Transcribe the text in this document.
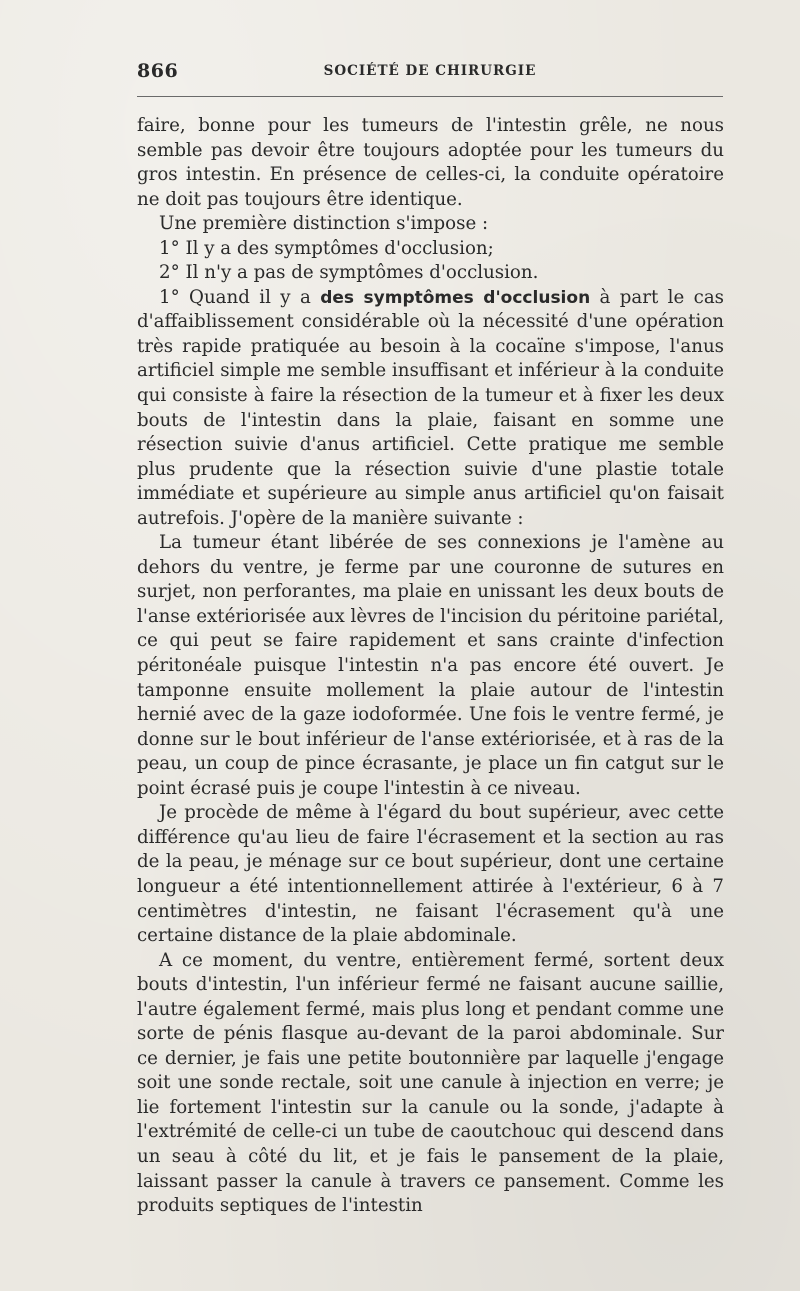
866	SOCIÉTÉ DE CHIRURGIE

faire, bonne pour les tumeurs de l'intestin grêle, ne nous semble pas devoir être toujours adoptée pour les tumeurs du gros intestin. En présence de celles-ci, la conduite opératoire ne doit pas toujours être identique.

Une première distinction s'impose :

1° Il y a des symptômes d'occlusion;

2° Il n'y a pas de symptômes d'occlusion.

1° Quand il y a des symptômes d'occlusion à part le cas d'affaiblissement considérable où la nécessité d'une opération très rapide pratiquée au besoin à la cocaïne s'impose, l'anus artificiel simple me semble insuffisant et inférieur à la conduite qui consiste à faire la résection de la tumeur et à fixer les deux bouts de l'intestin dans la plaie, faisant en somme une résection suivie d'anus artificiel. Cette pratique me semble plus prudente que la résection suivie d'une plastie totale immédiate et supérieure au simple anus artificiel qu'on faisait autrefois. J'opère de la manière suivante :

La tumeur étant libérée de ses connexions je l'amène au dehors du ventre, je ferme par une couronne de sutures en surjet, non perforantes, ma plaie en unissant les deux bouts de l'anse extériorisée aux lèvres de l'incision du péritoine pariétal, ce qui peut se faire rapidement et sans crainte d'infection péritonéale puisque l'intestin n'a pas encore été ouvert. Je tamponne ensuite mollement la plaie autour de l'intestin hernié avec de la gaze iodoformée. Une fois le ventre fermé, je donne sur le bout inférieur de l'anse extériorisée, et à ras de la peau, un coup de pince écrasante, je place un fin catgut sur le point écrasé puis je coupe l'intestin à ce niveau.

Je procède de même à l'égard du bout supérieur, avec cette différence qu'au lieu de faire l'écrasement et la section au ras de la peau, je ménage sur ce bout supérieur, dont une certaine longueur a été intentionnellement attirée à l'extérieur, 6 à 7 centimètres d'intestin, ne faisant l'écrasement qu'à une certaine distance de la plaie abdominale.

A ce moment, du ventre, entièrement fermé, sortent deux bouts d'intestin, l'un inférieur fermé ne faisant aucune saillie, l'autre également fermé, mais plus long et pendant comme une sorte de pénis flasque au-devant de la paroi abdominale. Sur ce dernier, je fais une petite boutonnière par laquelle j'engage soit une sonde rectale, soit une canule à injection en verre; je lie fortement l'intestin sur la canule ou la sonde, j'adapte à l'extrémité de celle-ci un tube de caoutchouc qui descend dans un seau à côté du lit, et je fais le pansement de la plaie, laissant passer la canule à travers ce pansement. Comme les produits septiques de l'intestin
